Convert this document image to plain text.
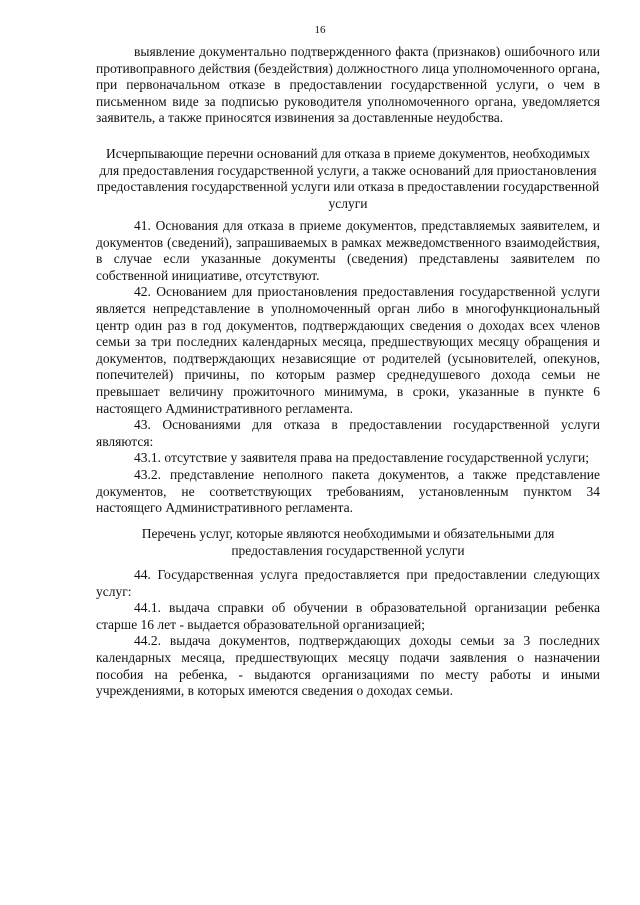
16

выявление документально подтвержденного факта (признаков) ошибочного или противоправного действия (бездействия) должностного лица уполномоченного органа, при первоначальном отказе в предоставлении государственной услуги, о чем в письменном виде за подписью руководителя уполномоченного органа, уведомляется заявитель, а также приносятся извинения за доставленные неудобства.

Исчерпывающие перечни оснований для отказа в приеме документов, необходимых для предоставления государственной услуги, а также оснований для приостановления предоставления государственной услуги или отказа в предоставлении государственной услуги

41. Основания для отказа в приеме документов, представляемых заявителем, и документов (сведений), запрашиваемых в рамках межведомственного взаимодействия, в случае если указанные документы (сведения) представлены заявителем по собственной инициативе, отсутствуют.

42. Основанием для приостановления предоставления государственной услуги является непредставление в уполномоченный орган либо в многофункциональный центр один раз в год документов, подтверждающих сведения о доходах всех членов семьи за три последних календарных месяца, предшествующих месяцу обращения и документов, подтверждающих независящие от родителей (усыновителей, опекунов, попечителей) причины, по которым размер среднедушевого дохода семьи не превышает величину прожиточного минимума, в сроки, указанные в пункте 6 настоящего Административного регламента.

43. Основаниями для отказа в предоставлении государственной услуги являются:

43.1. отсутствие у заявителя права на предоставление государственной услуги;

43.2. представление неполного пакета документов, а также представление документов, не соответствующих требованиям, установленным пунктом 34 настоящего Административного регламента.

Перечень услуг, которые являются необходимыми и обязательными для предоставления государственной услуги

44. Государственная услуга предоставляется при предоставлении следующих услуг:

44.1. выдача справки об обучении в образовательной организации ребенка старше 16 лет - выдается образовательной организацией;

44.2. выдача документов, подтверждающих доходы семьи за 3 последних календарных месяца, предшествующих месяцу подачи заявления о назначении пособия на ребенка, - выдаются организациями по месту работы и иными учреждениями, в которых имеются сведения о доходах семьи.
